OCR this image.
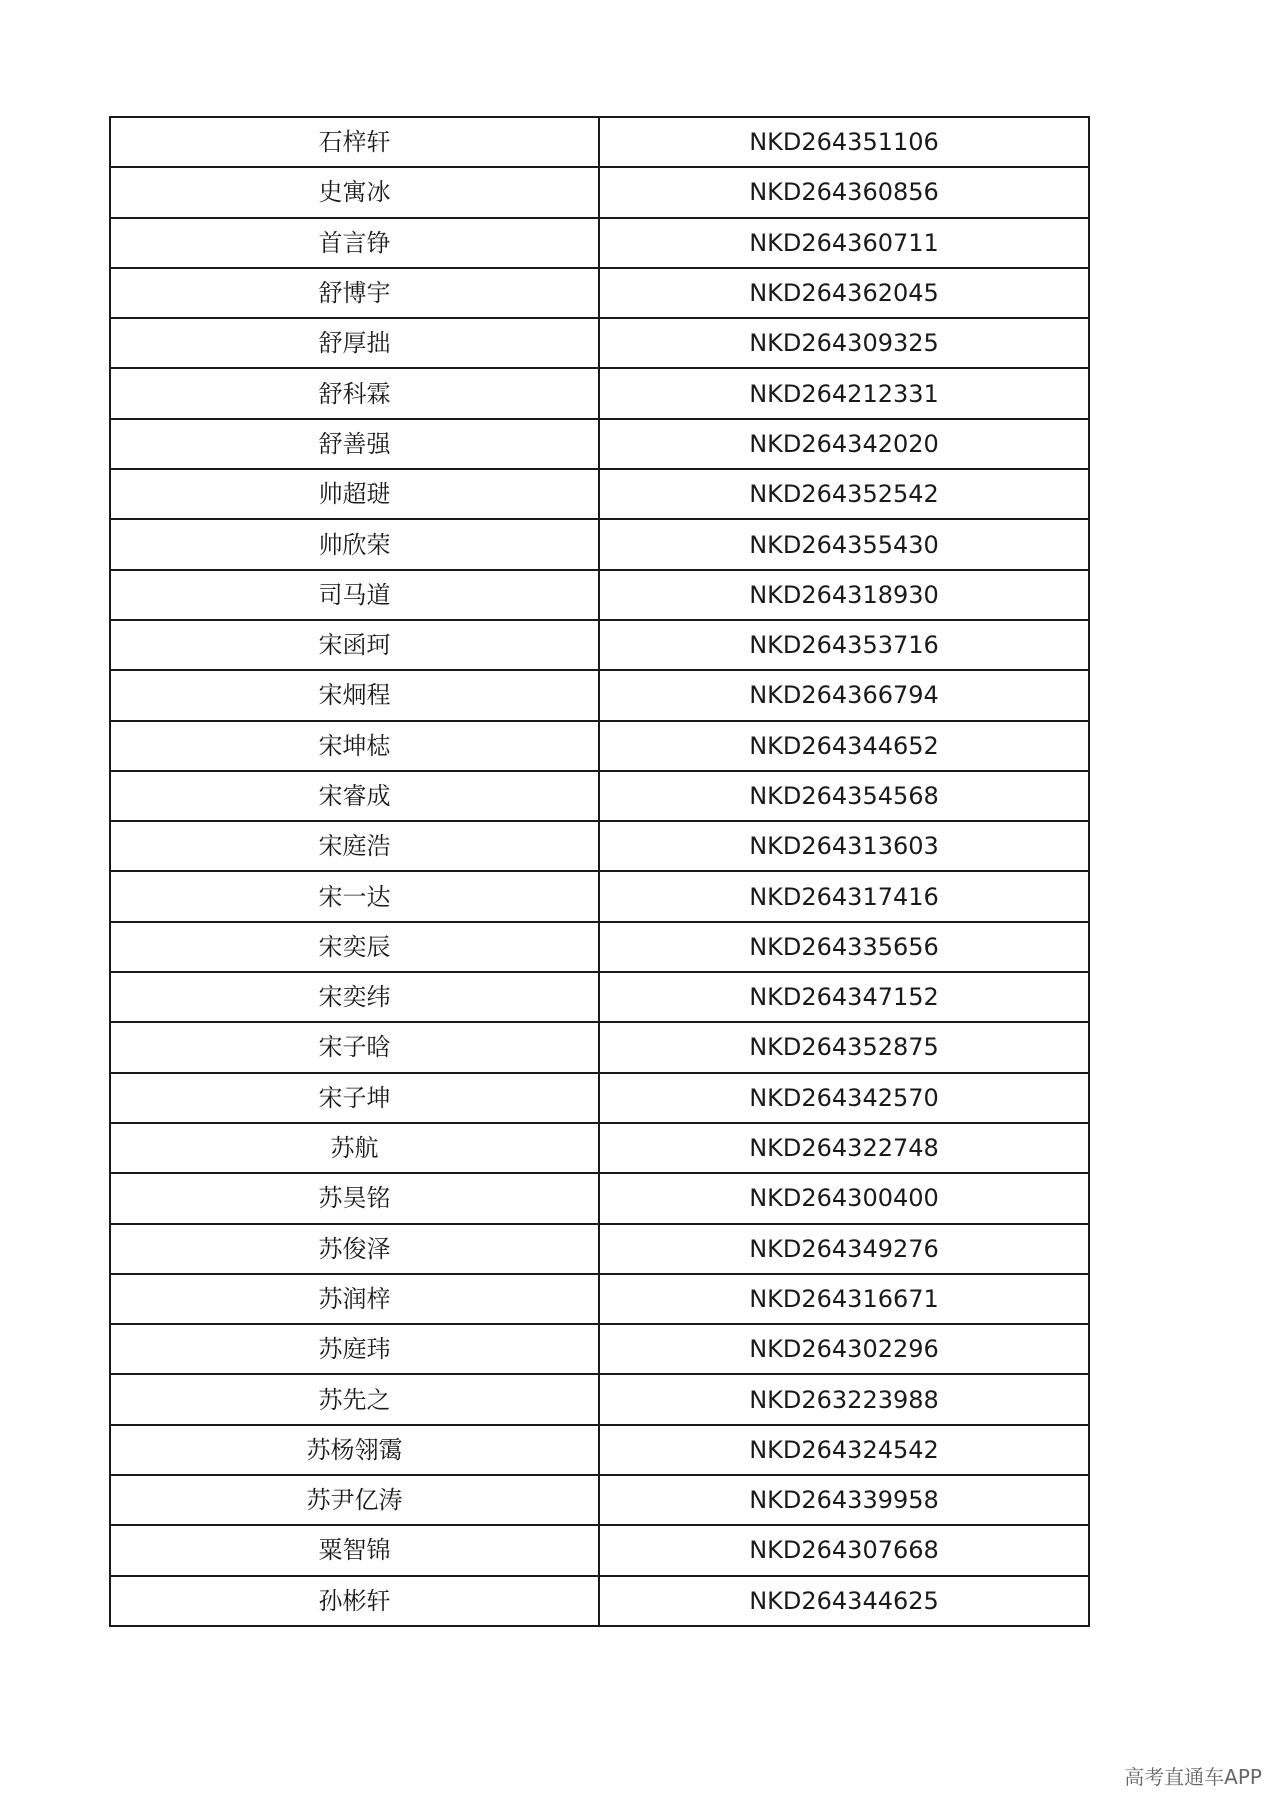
石梓轩	NKD264351106
史寓冰	NKD264360856
首言铮	NKD264360711
舒博宇	NKD264362045
舒厚拙	NKD264309325
舒科霖	NKD264212331
舒善强	NKD264342020
帅超琎	NKD264352542
帅欣荣	NKD264355430
司马道	NKD264318930
宋函珂	NKD264353716
宋炯程	NKD264366794
宋坤梽	NKD264344652
宋睿成	NKD264354568
宋庭浩	NKD264313603
宋一达	NKD264317416
宋奕辰	NKD264335656
宋奕纬	NKD264347152
宋子晗	NKD264352875
宋子坤	NKD264342570
苏航	NKD264322748
苏昊铭	NKD264300400
苏俊泽	NKD264349276
苏润梓	NKD264316671
苏庭玮	NKD264302296
苏先之	NKD263223988
苏杨翎霭	NKD264324542
苏尹亿涛	NKD264339958
粟智锦	NKD264307668
孙彬轩	NKD264344625
高考直通车APP
